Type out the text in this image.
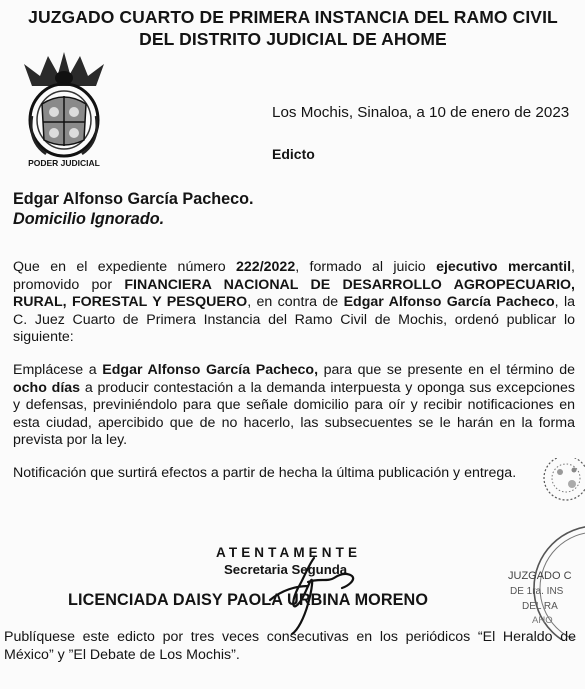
JUZGADO CUARTO DE PRIMERA INSTANCIA DEL RAMO CIVIL
DEL DISTRITO JUDICIAL DE AHOME
PODER JUDICIAL
Los Mochis, Sinaloa, a 10 de enero de 2023
Edicto
Edgar Alfonso García Pacheco.
Domicilio Ignorado.
Que en el expediente número 222/2022, formado al juicio ejecutivo mercantil, promovido por FINANCIERA NACIONAL DE DESARROLLO AGROPECUARIO, RURAL, FORESTAL Y PESQUERO, en contra de Edgar Alfonso García Pacheco, la C. Juez Cuarto de Primera Instancia del Ramo Civil de Mochis, ordenó publicar lo siguiente:
Emplácese a Edgar Alfonso García Pacheco, para que se presente en el término de ocho días a producir contestación a la demanda interpuesta y oponga sus excepciones y defensas, previniéndolo para que señale domicilio para oír y recibir notificaciones en esta ciudad, apercibido que de no hacerlo, las subsecuentes se le harán en la forma prevista por la ley.
Notificación que surtirá efectos a partir de hecha la última publicación y entrega.
JUZGADO C
DE 1ra. INS
DEL RA
AHO
ATENTAMENTE
Secretaria Segunda
LICENCIADA DAISY PAOLA URBINA MORENO
Publíquese este edicto por tres veces consecutivas en los periódicos “El Heraldo de México” y ”El Debate de Los Mochis”.
